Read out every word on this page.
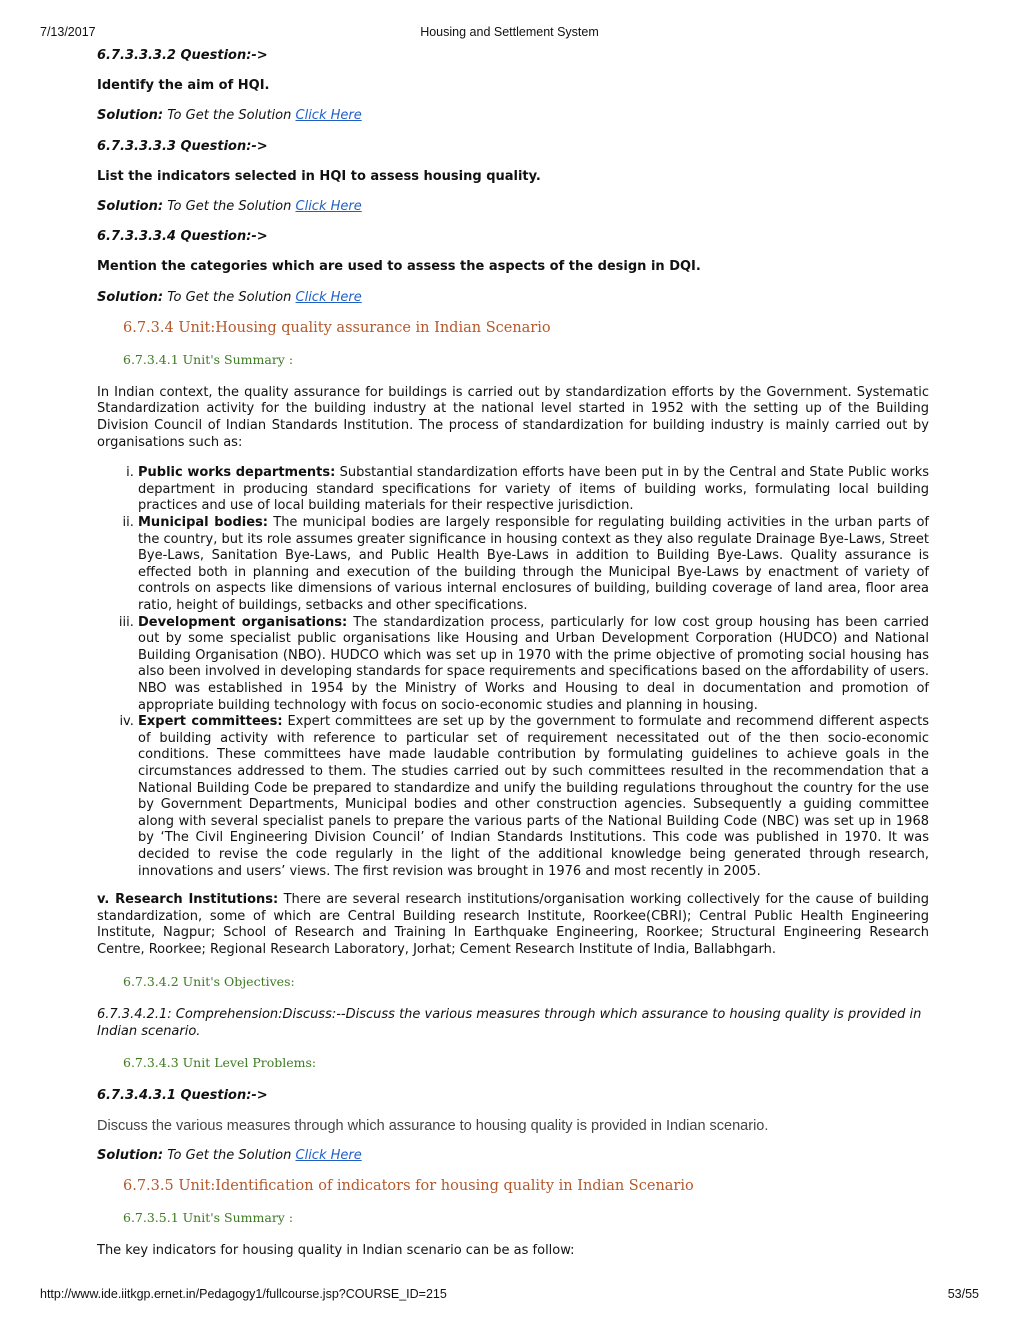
7/13/2017	Housing and Settlement System

6.7.3.3.3.2 Question:->

Identify the aim of HQI.

Solution: To Get the Solution Click Here

6.7.3.3.3.3 Question:->

List the indicators selected in HQI to assess housing quality.

Solution: To Get the Solution Click Here

6.7.3.3.3.4 Question:->

Mention the categories which are used to assess the aspects of the design in DQI.

Solution: To Get the Solution Click Here

6.7.3.4 Unit:Housing quality assurance in Indian Scenario

6.7.3.4.1 Unit's Summary :

In Indian context, the quality assurance for buildings is carried out by standardization efforts by the Government. Systematic Standardization activity for the building industry at the national level started in 1952 with the setting up of the Building Division Council of Indian Standards Institution. The process of standardization for building industry is mainly carried out by organisations such as:

i. Public works departments: Substantial standardization efforts have been put in by the Central and State Public works department in producing standard specifications for variety of items of building works, formulating local building practices and use of local building materials for their respective jurisdiction.
ii. Municipal bodies: The municipal bodies are largely responsible for regulating building activities in the urban parts of the country, but its role assumes greater significance in housing context as they also regulate Drainage Bye-Laws, Street Bye-Laws, Sanitation Bye-Laws, and Public Health Bye-Laws in addition to Building Bye-Laws. Quality assurance is effected both in planning and execution of the building through the Municipal Bye-Laws by enactment of variety of controls on aspects like dimensions of various internal enclosures of building, building coverage of land area, floor area ratio, height of buildings, setbacks and other specifications.
iii. Development organisations: The standardization process, particularly for low cost group housing has been carried out by some specialist public organisations like Housing and Urban Development Corporation (HUDCO) and National Building Organisation (NBO). HUDCO which was set up in 1970 with the prime objective of promoting social housing has also been involved in developing standards for space requirements and specifications based on the affordability of users. NBO was established in 1954 by the Ministry of Works and Housing to deal in documentation and promotion of appropriate building technology with focus on socio-economic studies and planning in housing.
iv. Expert committees: Expert committees are set up by the government to formulate and recommend different aspects of building activity with reference to particular set of requirement necessitated out of the then socio-economic conditions. These committees have made laudable contribution by formulating guidelines to achieve goals in the circumstances addressed to them. The studies carried out by such committees resulted in the recommendation that a National Building Code be prepared to standardize and unify the building regulations throughout the country for the use by Government Departments, Municipal bodies and other construction agencies. Subsequently a guiding committee along with several specialist panels to prepare the various parts of the National Building Code (NBC) was set up in 1968 by ‘The Civil Engineering Division Council’ of Indian Standards Institutions. This code was published in 1970. It was decided to revise the code regularly in the light of the additional knowledge being generated through research, innovations and users’ views. The first revision was brought in 1976 and most recently in 2005.

v. Research Institutions: There are several research institutions/organisation working collectively for the cause of building standardization, some of which are Central Building research Institute, Roorkee(CBRI); Central Public Health Engineering Institute, Nagpur; School of Research and Training In Earthquake Engineering, Roorkee; Structural Engineering Research Centre, Roorkee; Regional Research Laboratory, Jorhat; Cement Research Institute of India, Ballabhgarh.

6.7.3.4.2 Unit's Objectives:

6.7.3.4.2.1: Comprehension:Discuss:--Discuss the various measures through which assurance to housing quality is provided in Indian scenario.

6.7.3.4.3 Unit Level Problems:

6.7.3.4.3.1 Question:->

Discuss the various measures through which assurance to housing quality is provided in Indian scenario.

Solution: To Get the Solution Click Here

6.7.3.5 Unit:Identification of indicators for housing quality in Indian Scenario

6.7.3.5.1 Unit's Summary :

The key indicators for housing quality in Indian scenario can be as follow:

http://www.ide.iitkgp.ernet.in/Pedagogy1/fullcourse.jsp?COURSE_ID=215	53/55
